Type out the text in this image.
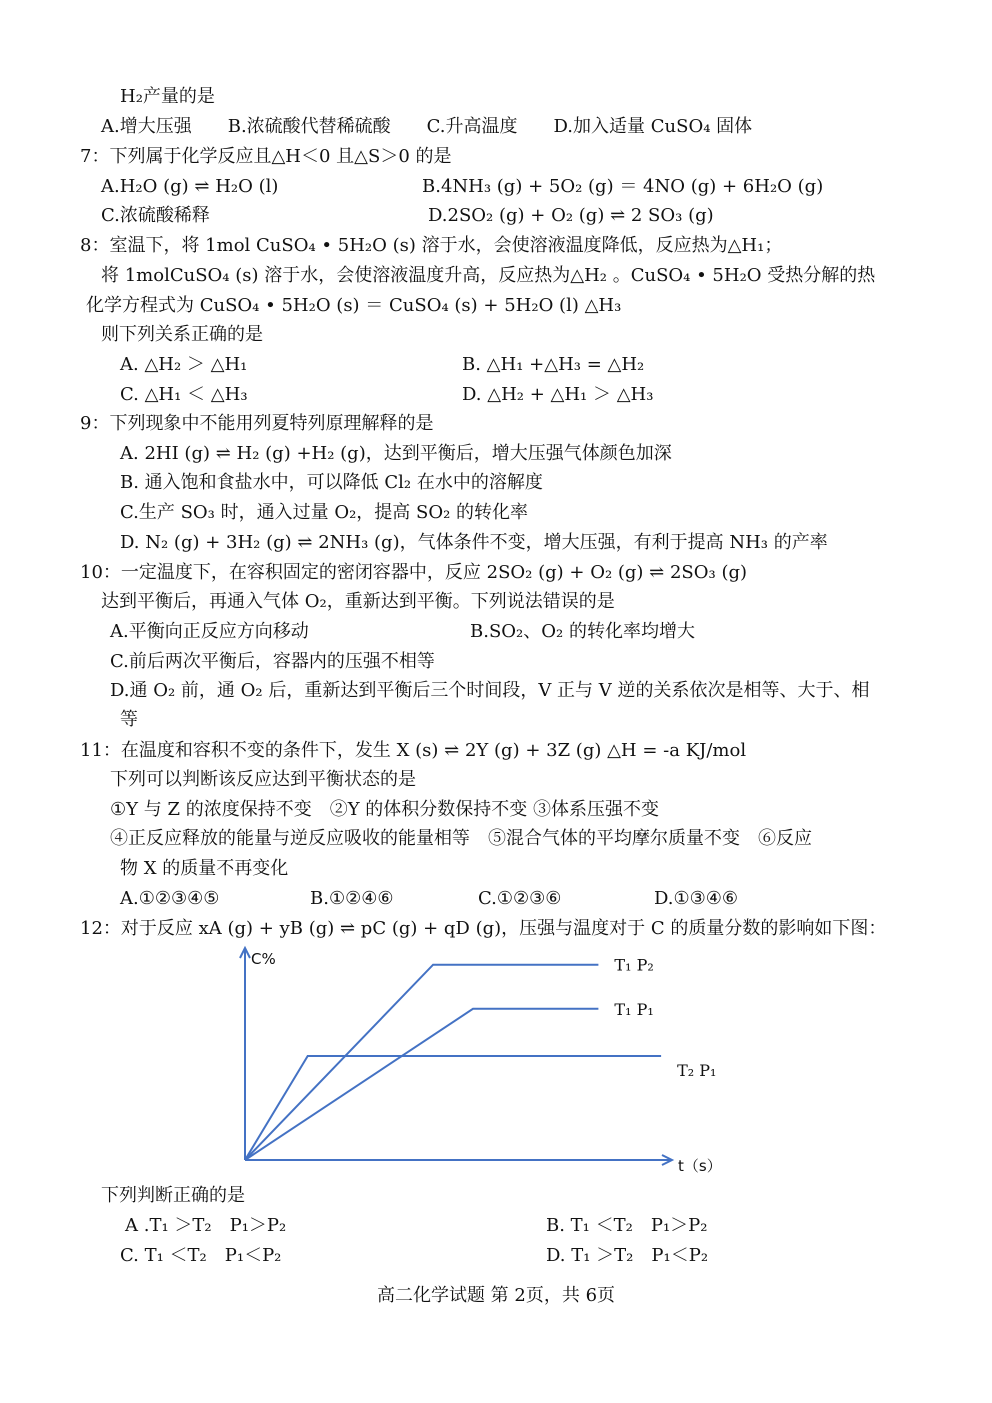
H₂产量的是
A.增大压强　　B.浓硫酸代替稀硫酸　　C.升高温度　　D.加入适量 CuSO₄ 固体
7：下列属于化学反应且△H＜0 且△S＞0 的是
A.H₂O (g) ⇌ H₂O (l)	B.4NH₃ (g) + 5O₂ (g) ＝ 4NO (g) + 6H₂O (g)
C.浓硫酸稀释	D.2SO₂ (g) + O₂ (g) ⇌ 2 SO₃ (g)
8：室温下，将 1mol CuSO₄ • 5H₂O (s) 溶于水，会使溶液温度降低，反应热为△H₁；
将 1molCuSO₄ (s) 溶于水，会使溶液温度升高，反应热为△H₂ 。CuSO₄ • 5H₂O 受热分解的热
化学方程式为 CuSO₄ • 5H₂O (s) ＝ CuSO₄ (s) + 5H₂O (l) △H₃
则下列关系正确的是
A. △H₂ ＞ △H₁	B. △H₁ +△H₃ = △H₂
C. △H₁ ＜ △H₃	D. △H₂ + △H₁ ＞ △H₃
9：下列现象中不能用列夏特列原理解释的是
A. 2HI (g) ⇌ H₂ (g) +H₂ (g)，达到平衡后，增大压强气体颜色加深
B. 通入饱和食盐水中，可以降低 Cl₂ 在水中的溶解度
C.生产 SO₃ 时，通入过量 O₂，提高 SO₂ 的转化率
D. N₂ (g) + 3H₂ (g) ⇌ 2NH₃ (g)，气体条件不变，增大压强，有利于提高 NH₃ 的产率
10：一定温度下，在容积固定的密闭容器中，反应 2SO₂ (g) + O₂ (g) ⇌ 2SO₃ (g)
达到平衡后，再通入气体 O₂，重新达到平衡。下列说法错误的是
A.平衡向正反应方向移动	B.SO₂、O₂ 的转化率均增大
C.前后两次平衡后，容器内的压强不相等
D.通 O₂ 前，通 O₂ 后，重新达到平衡后三个时间段，V 正与 V 逆的关系依次是相等、大于、相
等
11：在温度和容积不变的条件下，发生 X (s) ⇌ 2Y (g) + 3Z (g) △H = -a KJ/mol
下列可以判断该反应达到平衡状态的是
①Y 与 Z 的浓度保持不变　②Y 的体积分数保持不变 ③体系压强不变
④正反应释放的能量与逆反应吸收的能量相等　⑤混合气体的平均摩尔质量不变　⑥反应
物 X 的质量不再变化
A.①②③④⑤	B.①②④⑥	C.①②③⑥	D.①③④⑥
12：对于反应 xA (g) + yB (g) ⇌ pC (g) + qD (g)，压强与温度对于 C 的质量分数的影响如下图：
C%
t（s）
T₁ P₂
T₁ P₁
T₂ P₁
下列判断正确的是
A .T₁ ＞T₂　P₁＞P₂	B. T₁ ＜T₂　P₁＞P₂
C. T₁ ＜T₂　P₁＜P₂	D. T₁ ＞T₂　P₁＜P₂
高二化学试题 第 2页，共 6页
